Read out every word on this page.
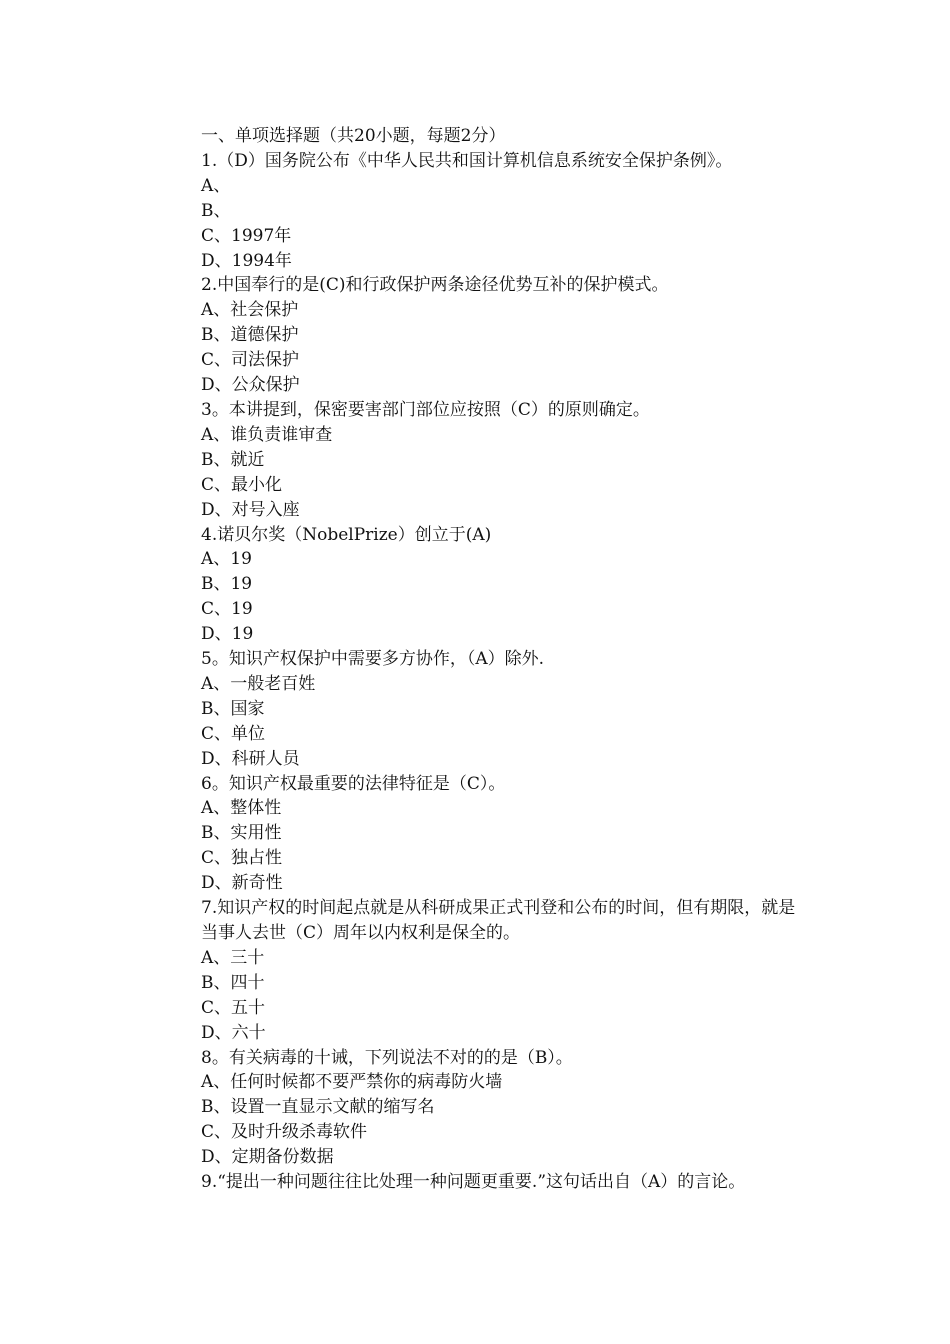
一、单项选择题（共20小题，每题2分）
1.（D）国务院公布《中华人民共和国计算机信息系统安全保护条例》。
A、
B、
C、1997年
D、1994年
2.中国奉行的是(C)和行政保护两条途径优势互补的保护模式。
A、社会保护
B、道德保护
C、司法保护
D、公众保护
3。本讲提到，保密要害部门部位应按照（C）的原则确定。
A、谁负责谁审查
B、就近
C、最小化
D、对号入座
4.诺贝尔奖（NobelPrize）创立于(A)
A、19
B、19
C、19
D、19
5。知识产权保护中需要多方协作，（A）除外.
A、一般老百姓
B、国家
C、单位
D、科研人员
6。知识产权最重要的法律特征是（C）。
A、整体性
B、实用性
C、独占性
D、新奇性
7.知识产权的时间起点就是从科研成果正式刊登和公布的时间，但有期限，就是当事人去世（C）周年以内权利是保全的。
A、三十
B、四十
C、五十
D、六十
8。有关病毒的十诫，下列说法不对的的是（B）。
A、任何时候都不要严禁你的病毒防火墙
B、设置一直显示文献的缩写名
C、及时升级杀毒软件
D、定期备份数据
9.“提出一种问题往往比处理一种问题更重要.”这句话出自（A）的言论。
